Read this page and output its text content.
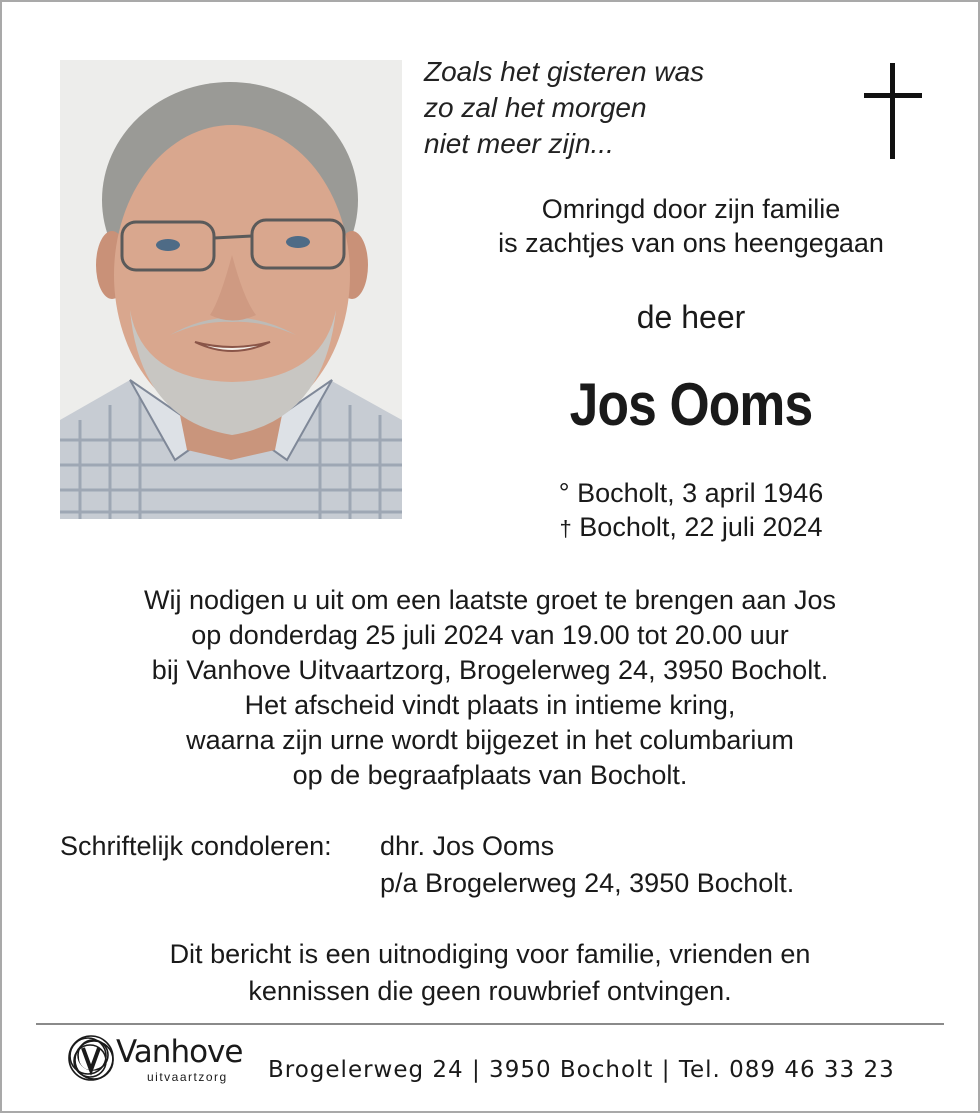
Zoals het gisteren was
zo zal het morgen
niet meer zijn...
Omringd door zijn familie
is zachtjes van ons heengegaan
de heer
Jos Ooms
° Bocholt, 3 april 1946
† Bocholt, 22 juli 2024
Wij nodigen u uit om een laatste groet te brengen aan Jos
op donderdag 25 juli 2024 van 19.00 tot 20.00 uur
bij Vanhove Uitvaartzorg, Brogelerweg 24, 3950 Bocholt.
Het afscheid vindt plaats in intieme kring,
waarna zijn urne wordt bijgezet in het columbarium
op de begraafplaats van Bocholt.
Schriftelijk condoleren: dhr. Jos Ooms
p/a Brogelerweg 24, 3950 Bocholt.
Dit bericht is een uitnodiging voor familie, vrienden en
kennissen die geen rouwbrief ontvingen.
Vanhove
uitvaartzorg Brogelerweg 24 | 3950 Bocholt | Tel. 089 46 33 23
